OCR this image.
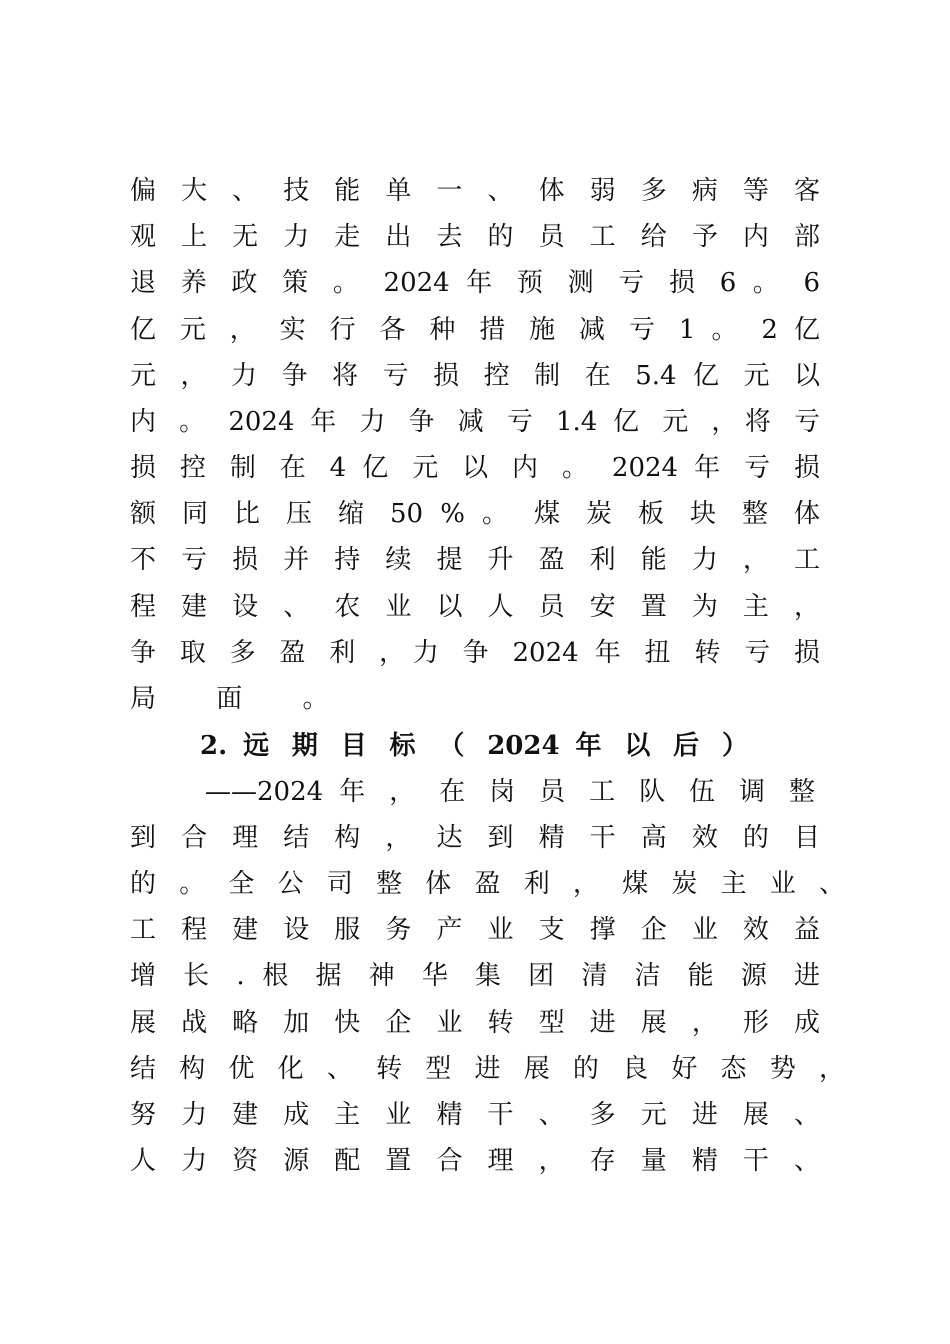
偏 大 、 技 能 单 一 、 体 弱 多 病 等 客
观 上 无 力 走 出 去 的 员 工 给 予 内 部
退 养 政 策 。 2024 年 预 测 亏 损 6 。 6
亿 元 ， 实 行 各 种 措 施 减 亏 1 。 2 亿
元 ， 力 争 将 亏 损 控 制 在 5.4 亿 元 以
内 。 2024 年 力 争 减 亏 1.4 亿 元 ，将 亏
损 控 制 在 4 亿 元 以 内 。 2024 年 亏 损
额 同 比 压 缩 50 % 。 煤 炭 板 块 整 体
不 亏 损 并 持 续 提 升 盈 利 能 力 ， 工
程 建 设 、 农 业 以 人 员 安 置 为 主 ，
争 取 多 盈 利 ，力 争 2024 年 扭 转 亏 损
局 面 。
2. 远 期 目 标 （ 2024 年 以 后 ）
——2024 年 ， 在 岗 员 工 队 伍 调 整
到 合 理 结 构 ， 达 到 精 干 高 效 的 目
的 。 全 公 司 整 体 盈 利 ， 煤 炭 主 业 、
工 程 建 设 服 务 产 业 支 撑 企 业 效 益
增 长 . 根 据 神 华 集 团 清 洁 能 源 进
展 战 略 加 快 企 业 转 型 进 展 ， 形 成
结 构 优 化 、 转 型 进 展 的 良 好 态 势 ，
努 力 建 成 主 业 精 干 、 多 元 进 展 、
人 力 资 源 配 置 合 理 ， 存 量 精 干 、
